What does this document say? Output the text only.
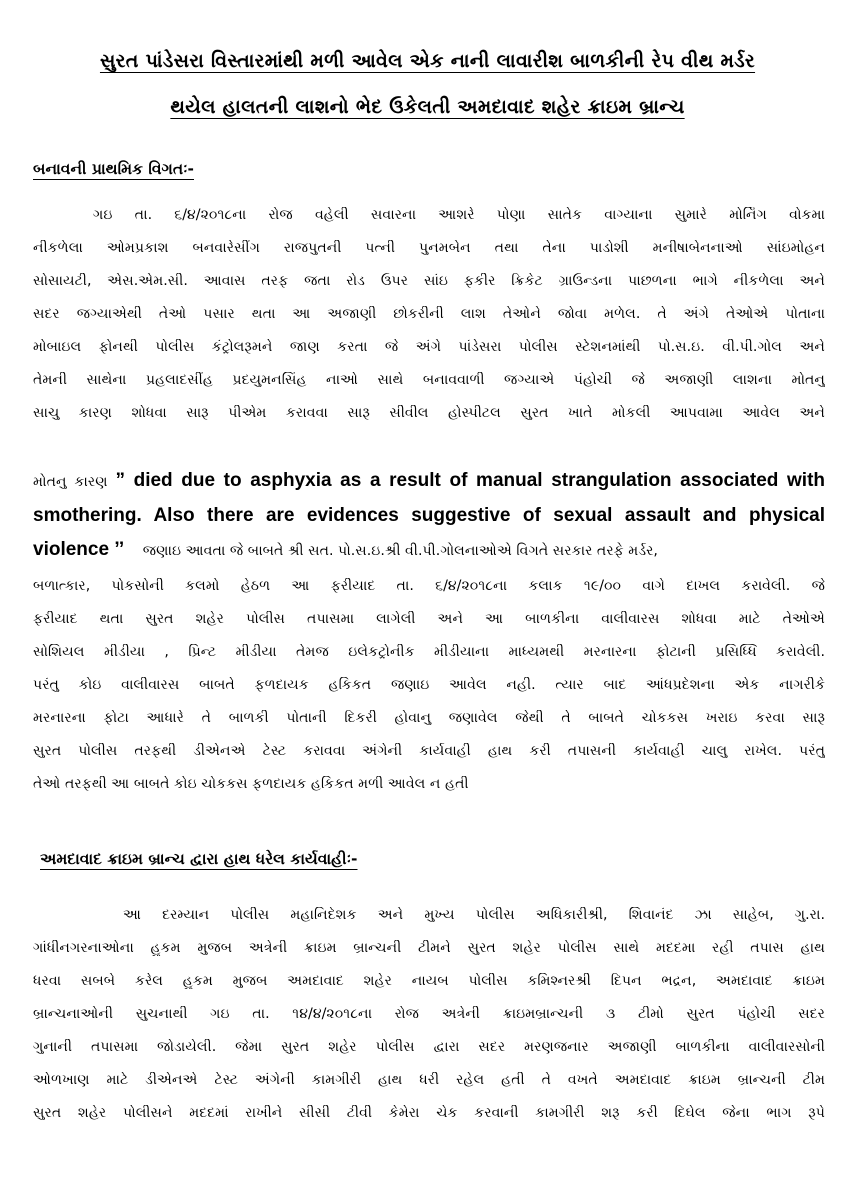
સુરત પાંડેસરા વિસ્તારમાંથી મળી આવેલ એક નાની લાવારીશ બાળકીની રેપ વીથ મર્ડર
થયેલ હાલતની લાશનો ભેદ ઉકેલતી અમદાવાદ શહેર ક્રાઇમ બ્રાન્ચ
બનાવની પ્રાથમિક વિગતઃ-
ગઇ તા. ૬/૪/૨૦૧૮ના રોજ વહેલી સવારના આશરે પોણા સાતેક વાગ્યાના સુમારે મોર્નિંગ વોકમા
નીકળેલા ઓમપ્રકાશ બનવારેસીંગ રાજપુતની પત્ની પુનમબેન તથા તેના પાડોશી મનીષાબેનનાઓ સાંઇમોહન
સોસાયટી, એસ.એમ.સી. આવાસ તરફ જતા રોડ ઉપર સાંઇ ફકીર ક્રિકેટ ગ્રાઉન્ડના પાછળના ભાગે નીકળેલા અને
સદર જગ્યાએથી તેઓ પસાર થતા આ અજાણી છોકરીની લાશ તેઓને જોવા મળેલ. તે અંગે તેઓએ પોતાના
મોબાઇલ ફોનથી પોલીસ કંટ્રોલરૂમને જાણ કરતા જે અંગે પાંડેસરા પોલીસ સ્ટેશનમાંથી પો.સ.ઇ. વી.પી.ગોલ અને
તેમની સાથેના પ્રહલાદસીંહ પ્રદયુમનસિંહ નાઓ સાથે બનાવવાળી જગ્યાએ પંહોચી જે અજાણી લાશના મોતનુ
સાચુ કારણ શોધવા સારૂ પીએમ કરાવવા સારૂ સીવીલ હોસ્પીટલ સુરત ખાતે મોકલી આપવામા આવેલ અને
મોતનુ કારણ ” died due to asphyxia as a result of manual strangulation associated with
smothering. Also there are evidences suggestive of sexual assault and physical
violence ’’ જણાઇ આવતા જે બાબતે શ્રી સત. પો.સ.ઇ.શ્રી વી.પી.ગોલનાઓએ વિગતે સરકાર તરફે મર્ડર,
બળાત્કાર, પોકસોની કલમો હેઠળ આ ફરીયાદ તા. ૬/૪/૨૦૧૮ના કલાક ૧૯/૦૦ વાગે દાખલ કરાવેલી. જે
ફરીયાદ થતા સુરત શહેર પોલીસ તપાસમા લાગેલી અને આ બાળકીના વાલીવારસ શોધવા માટે તેઓએ
સોશિયલ મીડીયા , પ્રિન્ટ મીડીયા તેમજ ઇલેકટ્રોનીક મીડીયાના માધ્યમથી મરનારના ફોટાની પ્રસિધ્ધિ કરાવેલી.
પરંતુ કોઇ વાલીવારસ બાબતે ફળદાયક હકિકત જણાઇ આવેલ નહી. ત્યાર બાદ આંધપ્રદેશના એક નાગરીકે
મરનારના ફોટા આધારે તે બાળકી પોતાની દિકરી હોવાનુ જણાવેલ જેથી તે બાબતે ચોકકસ ખરાઇ કરવા સારૂ
સુરત પોલીસ તરફથી ડીએનએ ટેસ્ટ કરાવવા અંગેની કાર્યવાહી હાથ કરી તપાસની કાર્યવાહી ચાલુ રાખેલ. પરંતુ
તેઓ તરફથી આ બાબતે કોઇ ચોકકસ ફળદાયક હકિકત મળી આવેલ ન હતી
અમદાવાદ ક્રાઇમ બ્રાન્ચ દ્વારા હાથ ધરેલ કાર્યવાહીઃ-
આ દરમ્યાન પોલીસ મહાનિદેશક અને મુખ્ય પોલીસ અધિકારીશ્રી, શિવાનંદ ઝા સાહેબ, ગુ.રા.
ગાંધીનગરનાઓના હુકમ મુજબ અત્રેની ક્રાઇમ બ્રાન્ચની ટીમને સુરત શહેર પોલીસ સાથે મદદમા રહી તપાસ હાથ
ધરવા સબબે કરેલ હુકમ મુજબ અમદાવાદ શહેર નાયબ પોલીસ કમિશ્નરશ્રી દિપન ભદ્રન, અમદાવાદ ક્રાઇમ
બ્રાન્ચનાઓની સુચનાથી ગઇ તા. ૧૪/૪/૨૦૧૮ના રોજ અત્રેની ક્રાઇમબ્રાન્ચની ૩ ટીમો સુરત પંહોચી સદર
ગુનાની તપાસમા જોડાયેલી. જેમા સુરત શહેર પોલીસ દ્વારા સદર મરણજનાર અજાણી બાળકીના વાલીવારસોની
ઓળખાણ માટે ડીએનએ ટેસ્ટ અંગેની કામગીરી હાથ ધરી રહેલ હતી તે વખતે અમદાવાદ ક્રાઇમ બ્રાન્ચની ટીમ
સુરત શહેર પોલીસને મદદમાં રાખીને સીસી ટીવી કેમેરા ચેક કરવાની કામગીરી શરૂ કરી દિઘેલ જેના ભાગ રૂપે
